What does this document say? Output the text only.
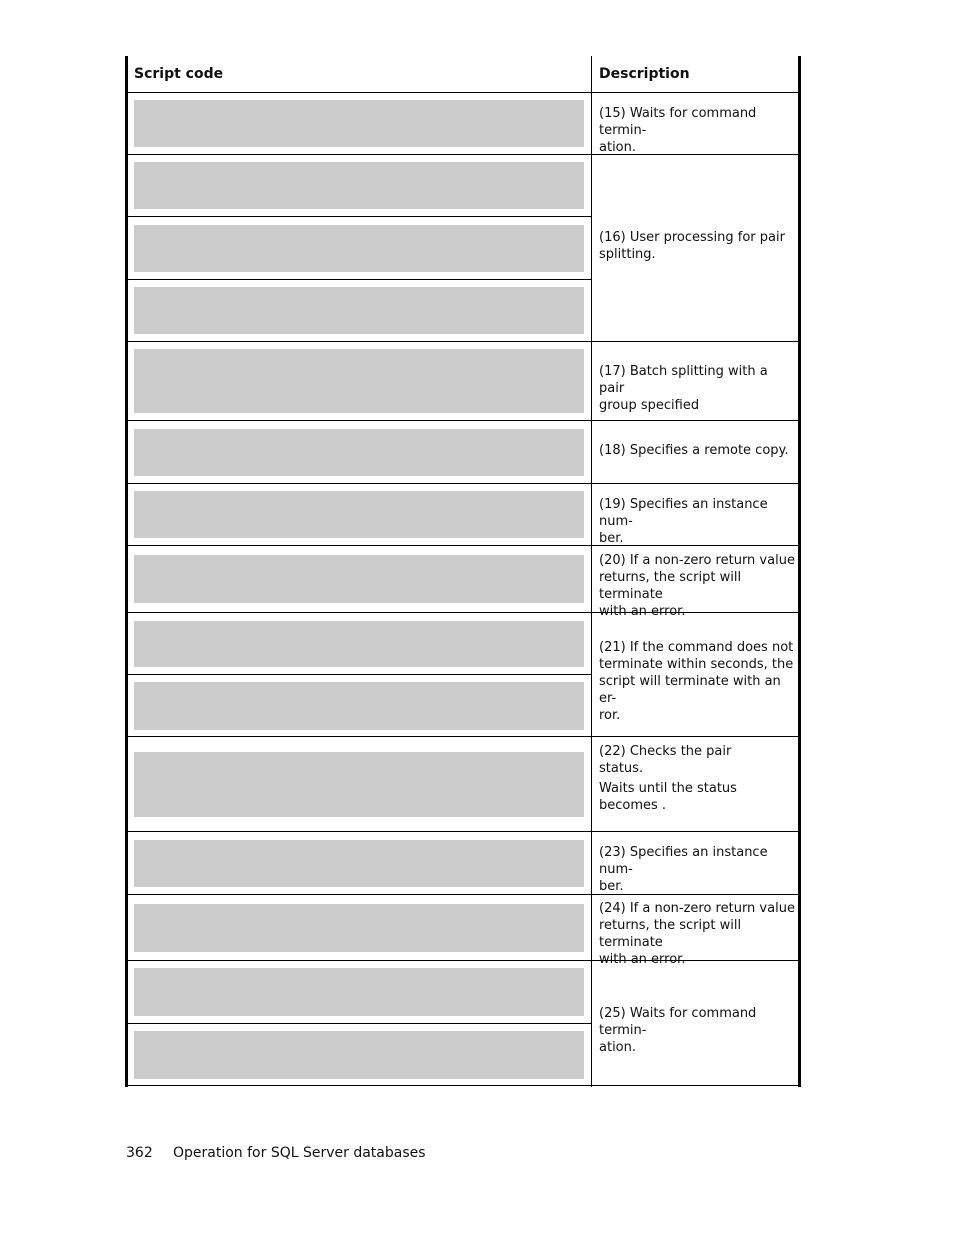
Script code	Description

(15) Waits for command termin-

ation.

(16) User processing for pair

splitting.

(17) Batch splitting with a pair

group specified

(18) Specifies a remote copy.

(19) Specifies an instance num-

ber.

(20) If a non-zero return value

returns, the script will terminate

with an error.

(21) If the command does not

terminate within seconds, the

script will terminate with an er-

ror.

(22) Checks the pair

status.

Waits until the status

becomes .

(23) Specifies an instance num-

ber.

(24) If a non-zero return value

returns, the script will terminate

with an error.

(25) Waits for command termin-

ation.

362 Operation for SQL Server databases
